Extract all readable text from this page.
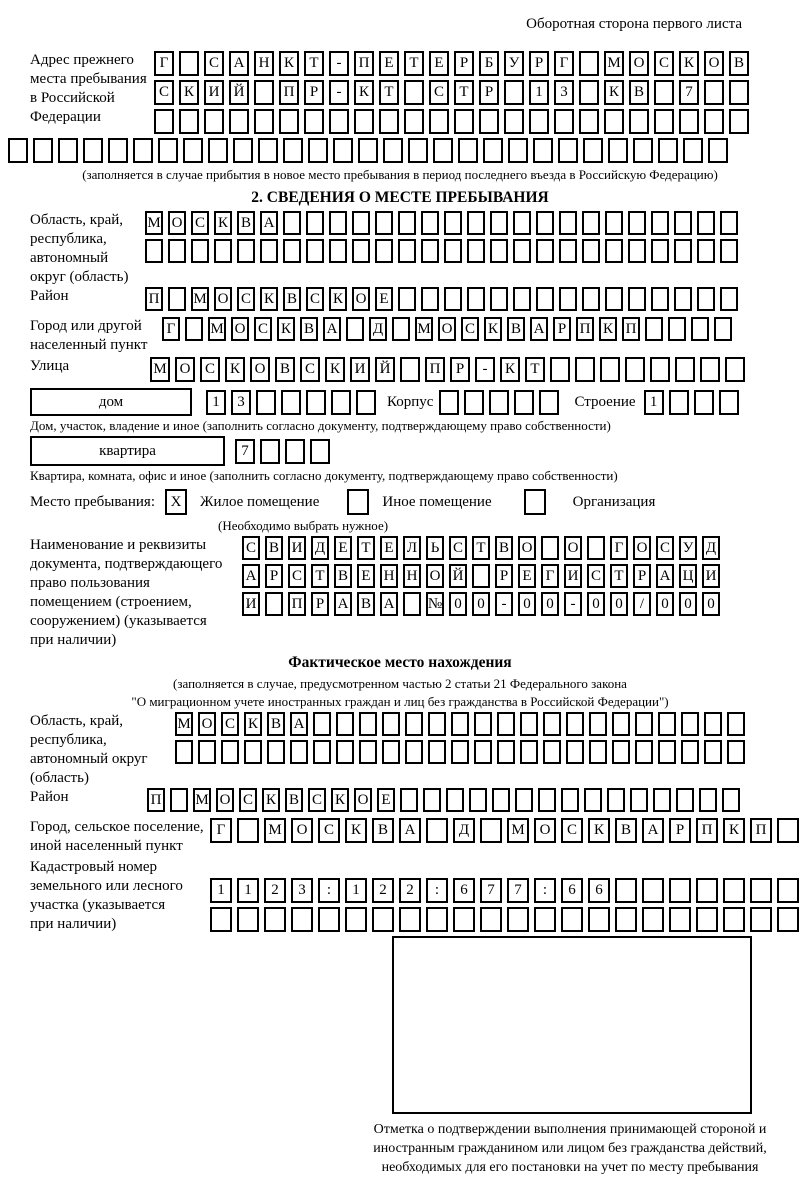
Оборотная сторона первого листа
Адрес прежнего
места пребывания
в Российской
Федерации
Г	С А Н К	Т	-	П Е	Т	Е	Р	Б	У	Р	Г	М О С К О В
С К И Й	П	Р	-	К	Т	С	Т	Р	1	3	К В	7
(заполняется в случае прибытия в новое место пребывания в период последнего въезда в Российскую Федерацию)
2. СВЕДЕНИЯ О МЕСТЕ ПРЕБЫВАНИЯ
Область, край,
республика,
автономный
округ (область)
М О С К В А
Район	П М О С К В С К О Е
Город или другой
населенный пункт
Г	М О С К В А Д М О С К В А Р П К П
Улица	М О С К О В С К И Й	П	Р	-	К	Т
дом	1	3	Корпус	Строение 1
Дом, участок, владение и иное (заполнить согласно документу, подтверждающему право собственности)
квартира	7
Квартира, комната, офис и иное (заполнить согласно документу, подтверждающему право собственности)
Место пребывания:	X	Жилое помещение	Иное помещение	Организация
(Необходимо выбрать нужное)
Наименование и реквизиты
документа, подтверждающего
право пользования
помещением (строением,
сооружением) (указывается
при наличии)
С В И Д Е Т Е Л Ь С Т В О О	Г О С У Д
А Р С Т В Е Н Н О Й	Р Е Г И С Т Р А Ц И
И П Р А В А № 0	0	-	0	0	-	0	0	/	0	0	0
Фактическое место нахождения
(заполняется в случае, предусмотренном частью 2 статьи 21 Федерального закона
"О миграционном учете иностранных граждан и лиц без гражданства в Российской Федерации")
Область, край,
республика,
автономный округ
(область)
М О С К В А
Район	П М О С К В С К О Е
Город, сельское поселение,
иной населенный пункт
Г	М О	С	К	В	А	Д	М О	С	К	В	А	Р	П	К	П
Кадастровый номер
земельного или лесного
участка (указывается
при наличии)
1	1	2	3	:	1	2	2	:	6	7	7	:	6	6
Отметка о подтверждении выполнения принимающей стороной и иностранным гражданином или лицом без гражданства действий, необходимых для его постановки на учет по месту пребывания
